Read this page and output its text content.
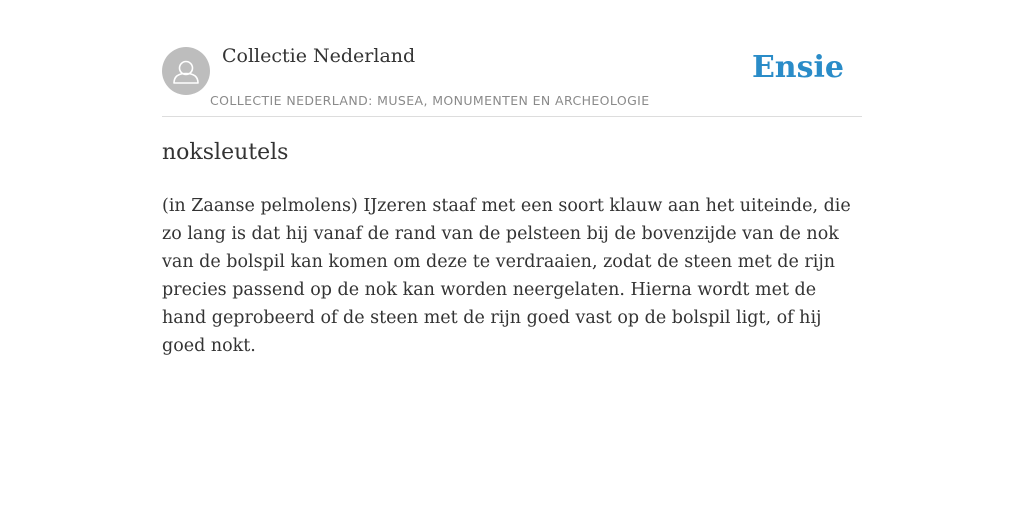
Collectie Nederland
COLLECTIE NEDERLAND: MUSEA, MONUMENTEN EN ARCHEOLOGIE
Ensie
noksleutels

(in Zaanse pelmolens) IJzeren staaf met een soort klauw aan het uiteinde, die zo lang is dat hij vanaf de rand van de pelsteen bij de bovenzijde van de nok van de bolspil kan komen om deze te verdraaien, zodat de steen met de rijn precies passend op de nok kan worden neergelaten. Hierna wordt met de hand geprobeerd of de steen met de rijn goed vast op de bolspil ligt, of hij goed nokt.
